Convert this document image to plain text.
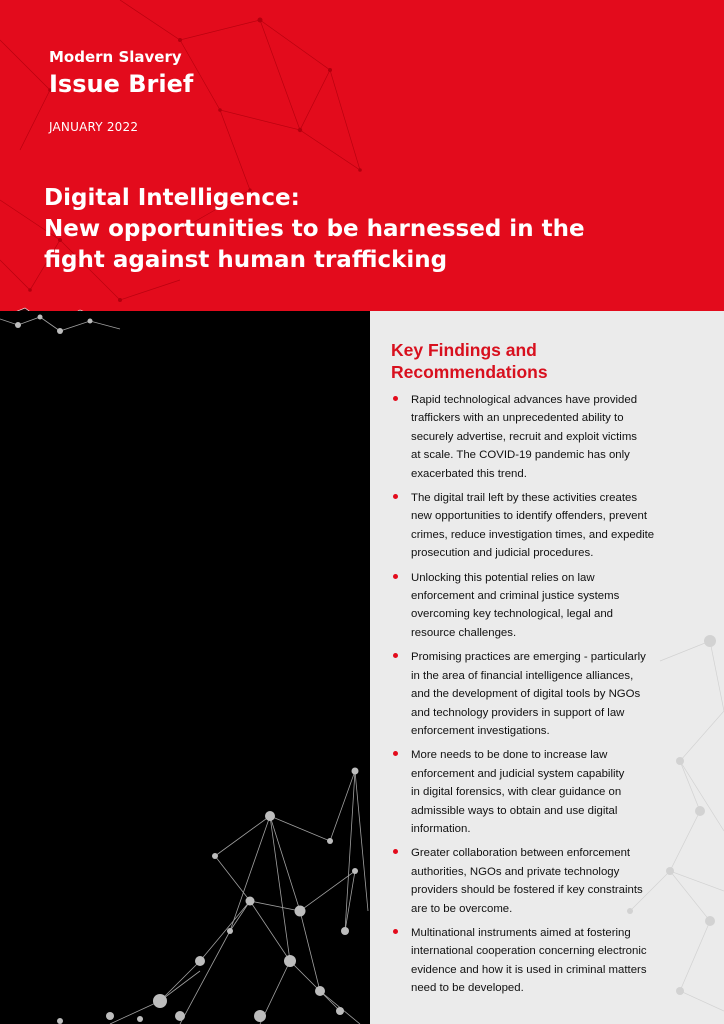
Modern Slavery

Issue Brief

JANUARY 2022

Digital Intelligence:
New opportunities to be harnessed in the
fight against human trafficking
Key Findings and
Recommendations
Rapid technological advances have provided
traffickers with an unprecedented ability to
securely advertise, recruit and exploit victims
at scale. The COVID-19 pandemic has only
exacerbated this trend.
The digital trail left by these activities creates
new opportunities to identify offenders, prevent
crimes, reduce investigation times, and expedite
prosecution and judicial procedures.
Unlocking this potential relies on law
enforcement and criminal justice systems
overcoming key technological, legal and
resource challenges.
Promising practices are emerging - particularly
in the area of financial intelligence alliances,
and the development of digital tools by NGOs
and technology providers in support of law
enforcement investigations.
More needs to be done to increase law
enforcement and judicial system capability
in digital forensics, with clear guidance on
admissible ways to obtain and use digital
information.
Greater collaboration between enforcement
authorities, NGOs and private technology
providers should be fostered if key constraints
are to be overcome.
Multinational instruments aimed at fostering
international cooperation concerning electronic
evidence and how it is used in criminal matters
need to be developed.
